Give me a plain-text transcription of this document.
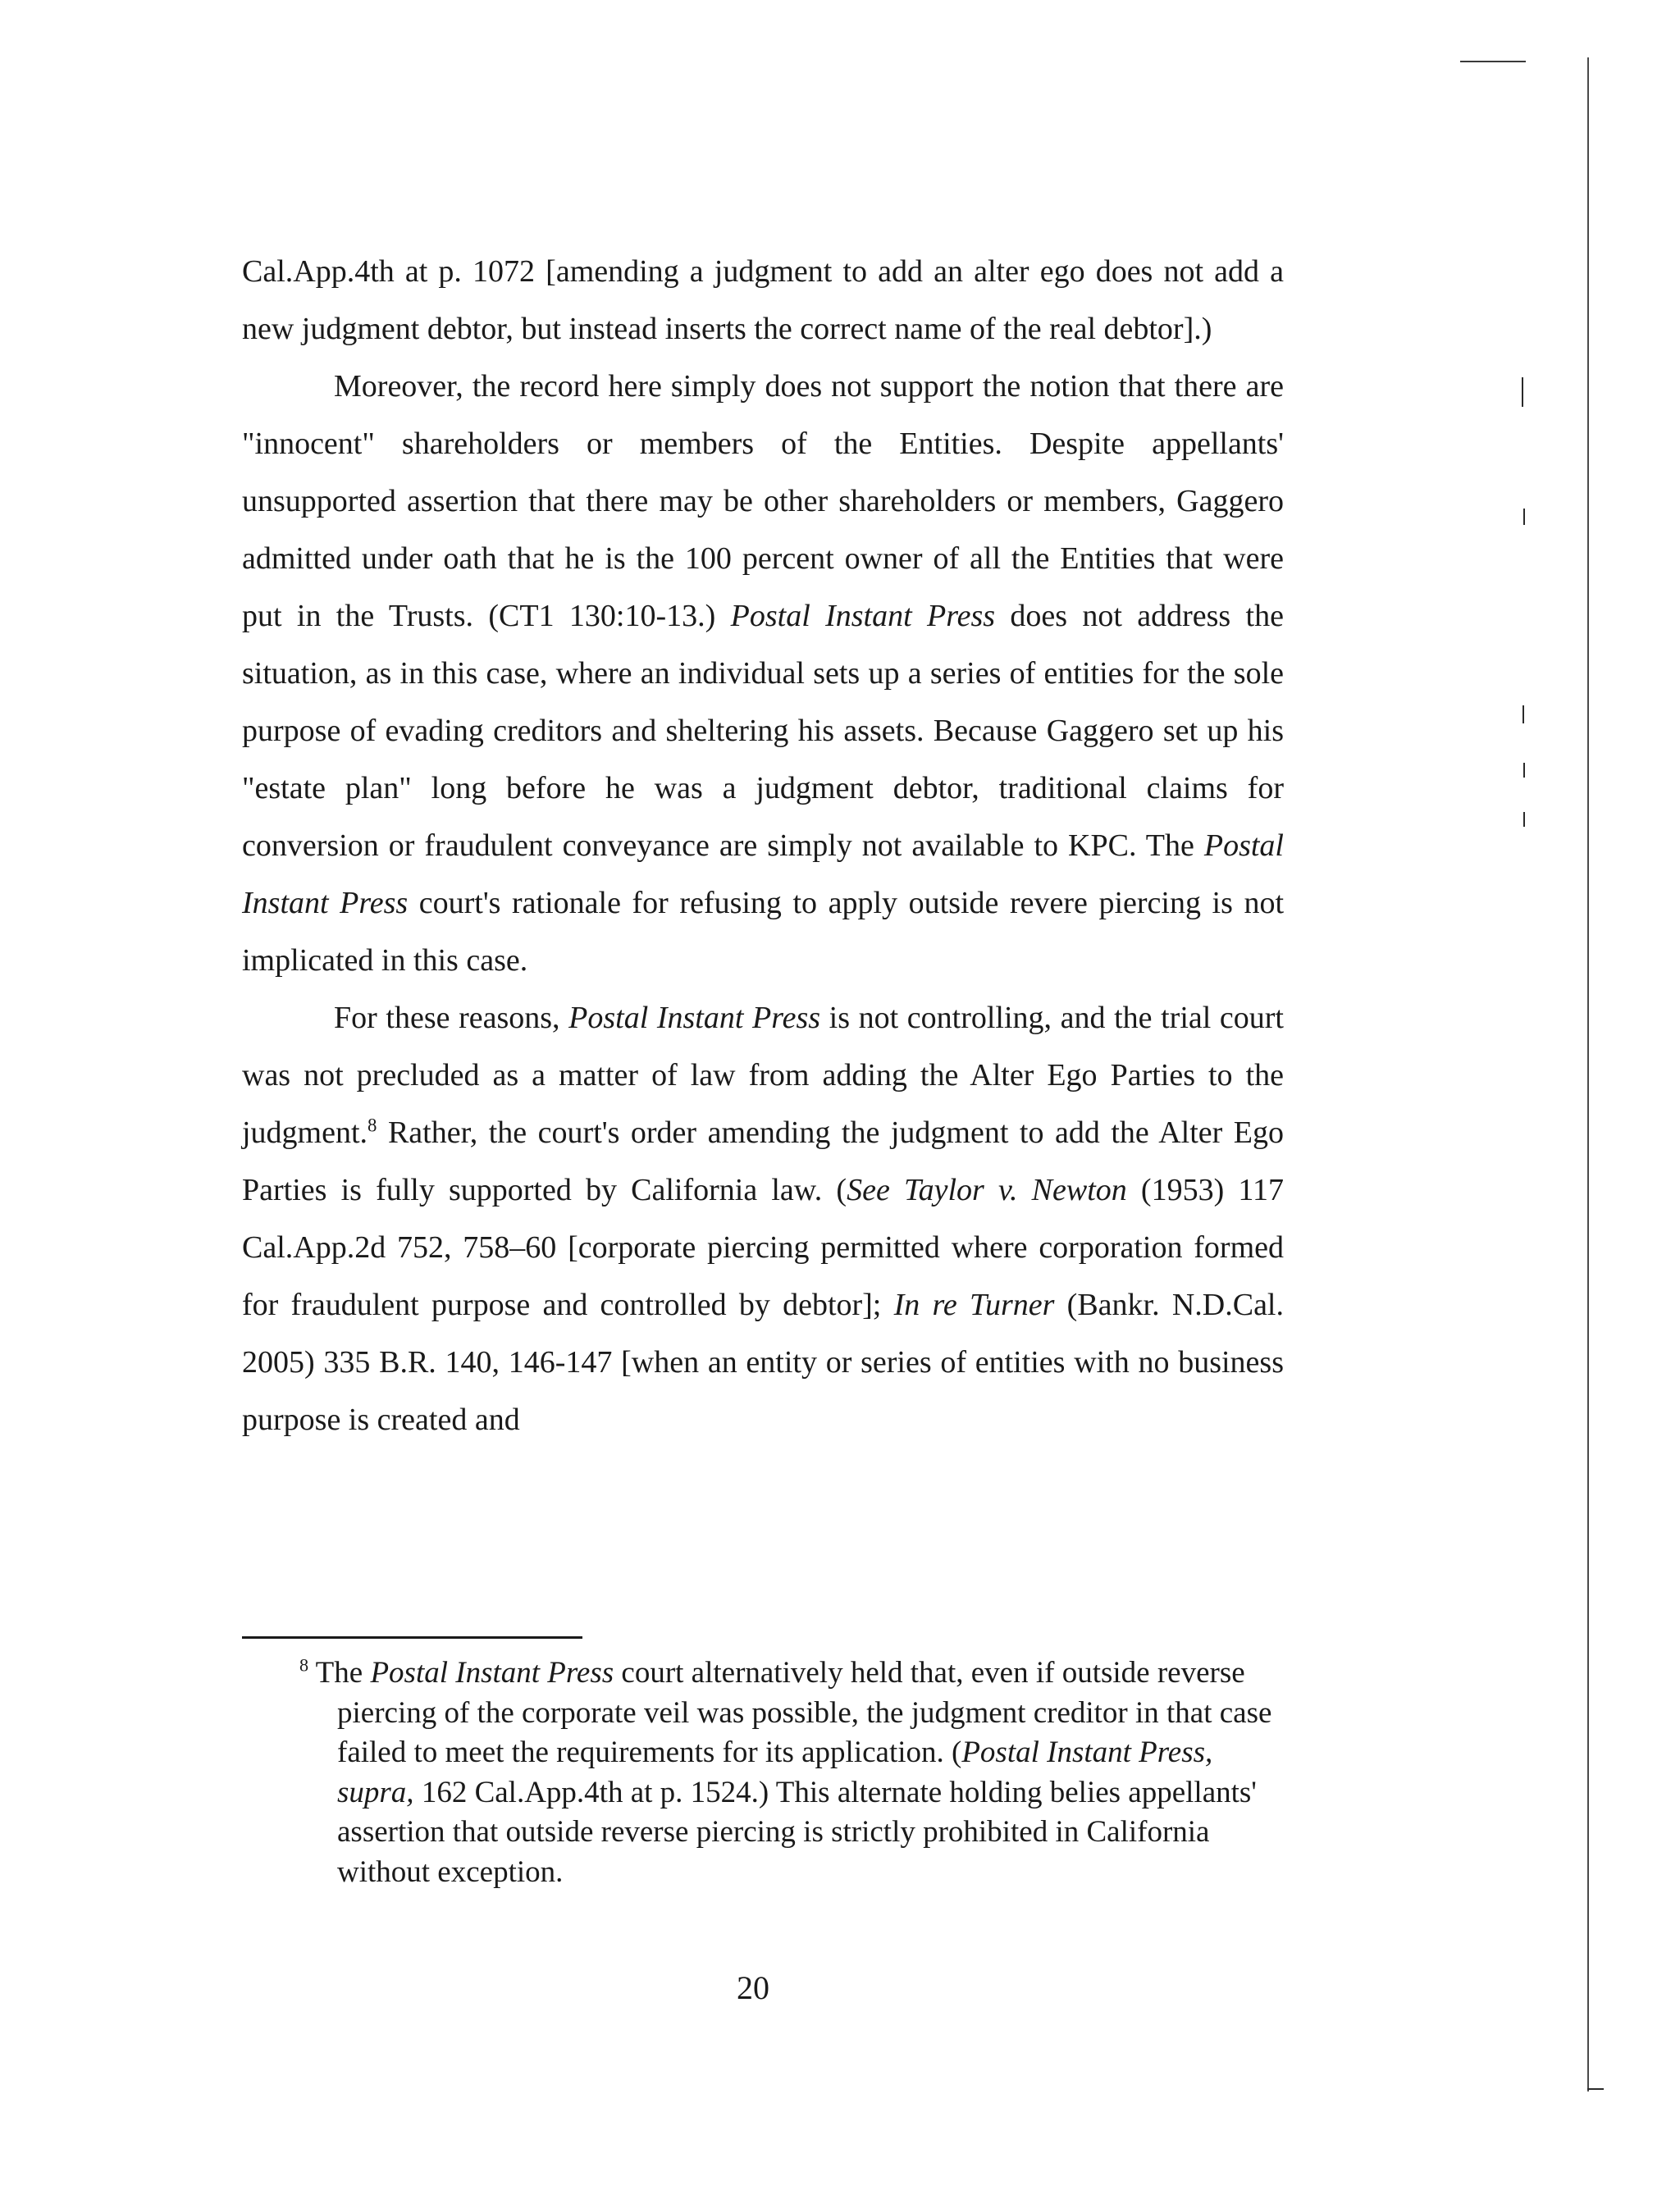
Cal.App.4th at p. 1072 [amending a judgment to add an alter ego does not add a new judgment debtor, but instead inserts the correct name of the real debtor].)

Moreover, the record here simply does not support the notion that there are "innocent" shareholders or members of the Entities. Despite appellants' unsupported assertion that there may be other shareholders or members, Gaggero admitted under oath that he is the 100 percent owner of all the Entities that were put in the Trusts. (CT1 130:10-13.) Postal Instant Press does not address the situation, as in this case, where an individual sets up a series of entities for the sole purpose of evading creditors and sheltering his assets. Because Gaggero set up his "estate plan" long before he was a judgment debtor, traditional claims for conversion or fraudulent conveyance are simply not available to KPC. The Postal Instant Press court's rationale for refusing to apply outside revere piercing is not implicated in this case.

For these reasons, Postal Instant Press is not controlling, and the trial court was not precluded as a matter of law from adding the Alter Ego Parties to the judgment.$^8$ Rather, the court's order amending the judgment to add the Alter Ego Parties is fully supported by California law. (See Taylor v. Newton (1953) 117 Cal.App.2d 752, 758–60 [corporate piercing permitted where corporation formed for fraudulent purpose and controlled by debtor]; In re Turner (Bankr. N.D.Cal. 2005) 335 B.R. 140, 146-147 [when an entity or series of entities with no business purpose is created and

$^8$ The Postal Instant Press court alternatively held that, even if outside reverse piercing of the corporate veil was possible, the judgment creditor in that case failed to meet the requirements for its application. (Postal Instant Press, supra, 162 Cal.App.4th at p. 1524.) This alternate holding belies appellants' assertion that outside reverse piercing is strictly prohibited in California without exception.
20
